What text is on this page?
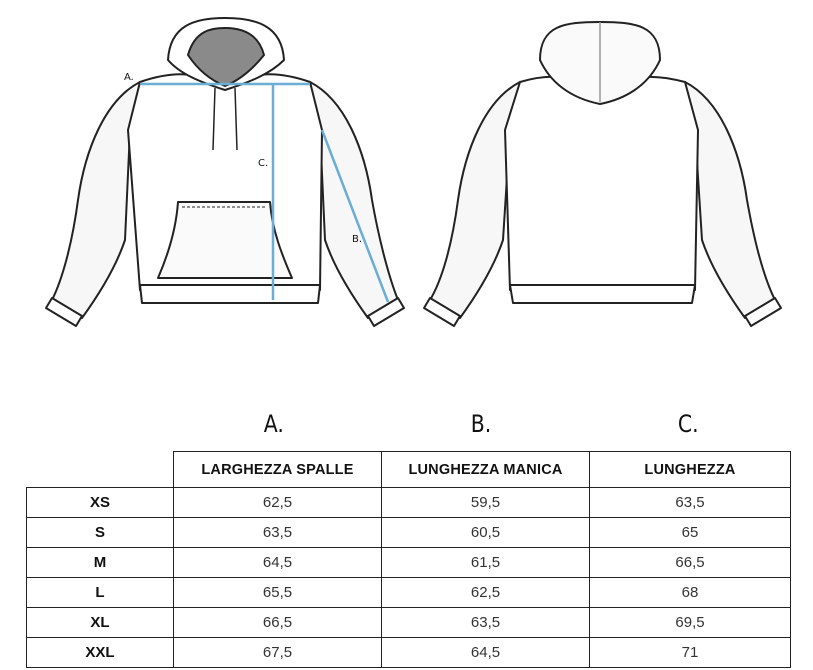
A.
C.
B.
A.	B.	C.
	LARGHEZZA SPALLE	LUNGHEZZA MANICA	LUNGHEZZA
XS	62,5	59,5	63,5
S	63,5	60,5	65
M	64,5	61,5	66,5
L	65,5	62,5	68
XL	66,5	63,5	69,5
XXL	67,5	64,5	71
